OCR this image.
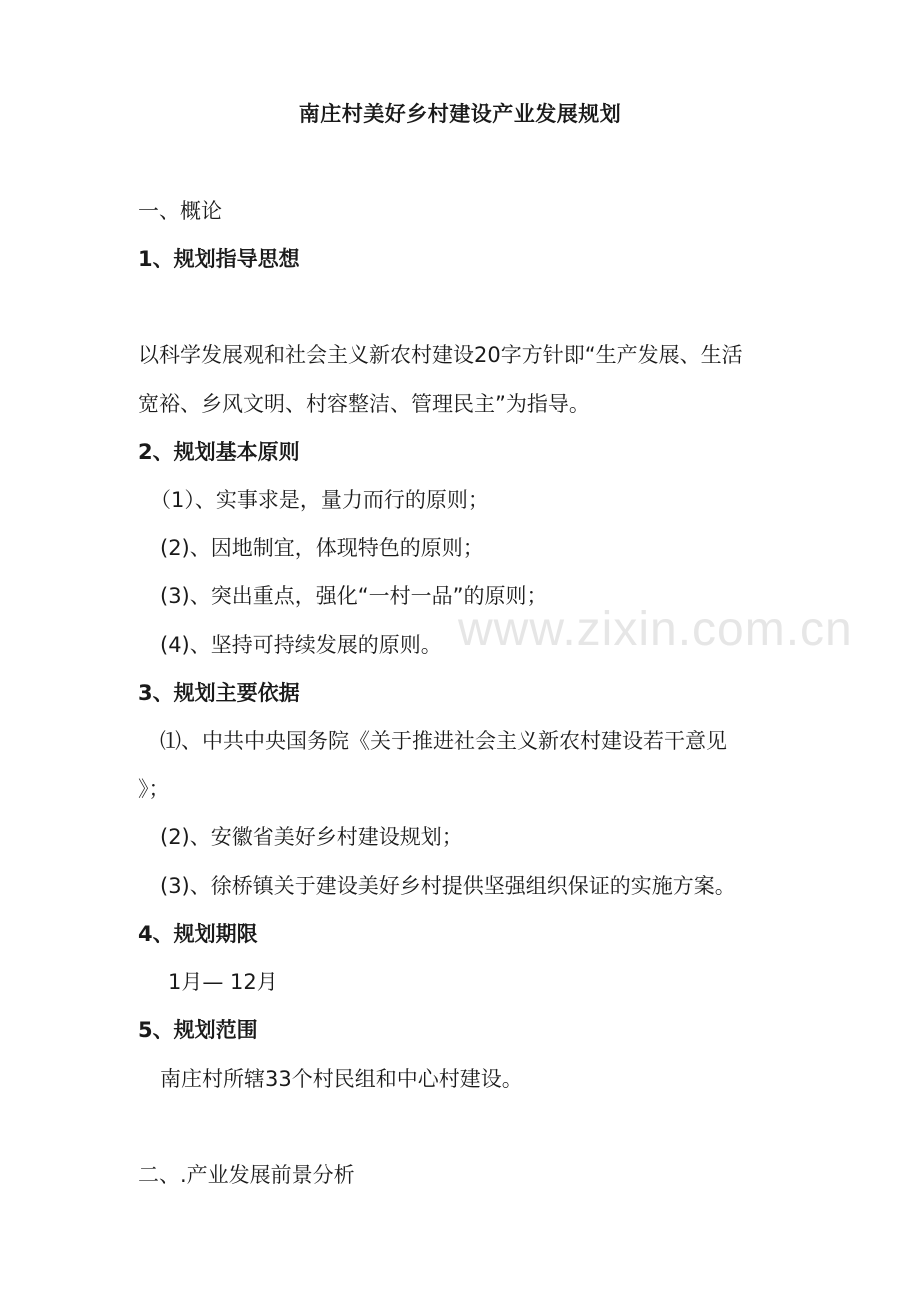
www.zixin.com.cn
南庄村美好乡村建设产业发展规划
一、概论
1、规划指导思想
以科学发展观和社会主义新农村建设20字方针即“生产发展、生活
宽裕、乡风文明、村容整洁、管理民主”为指导。
2、规划基本原则
（1）、实事求是，量力而行的原则；
(2)、因地制宜，体现特色的原则；
(3)、突出重点，强化“一村一品”的原则；
(4)、坚持可持续发展的原则。
3、规划主要依据
⑴、中共中央国务院《关于推进社会主义新农村建设若干意见
》；
(2)、安徽省美好乡村建设规划；
(3)、徐桥镇关于建设美好乡村提供坚强组织保证的实施方案。
4、规划期限
1月— 12月
5、规划范围
南庄村所辖33个村民组和中心村建设。
二、.产业发展前景分析
